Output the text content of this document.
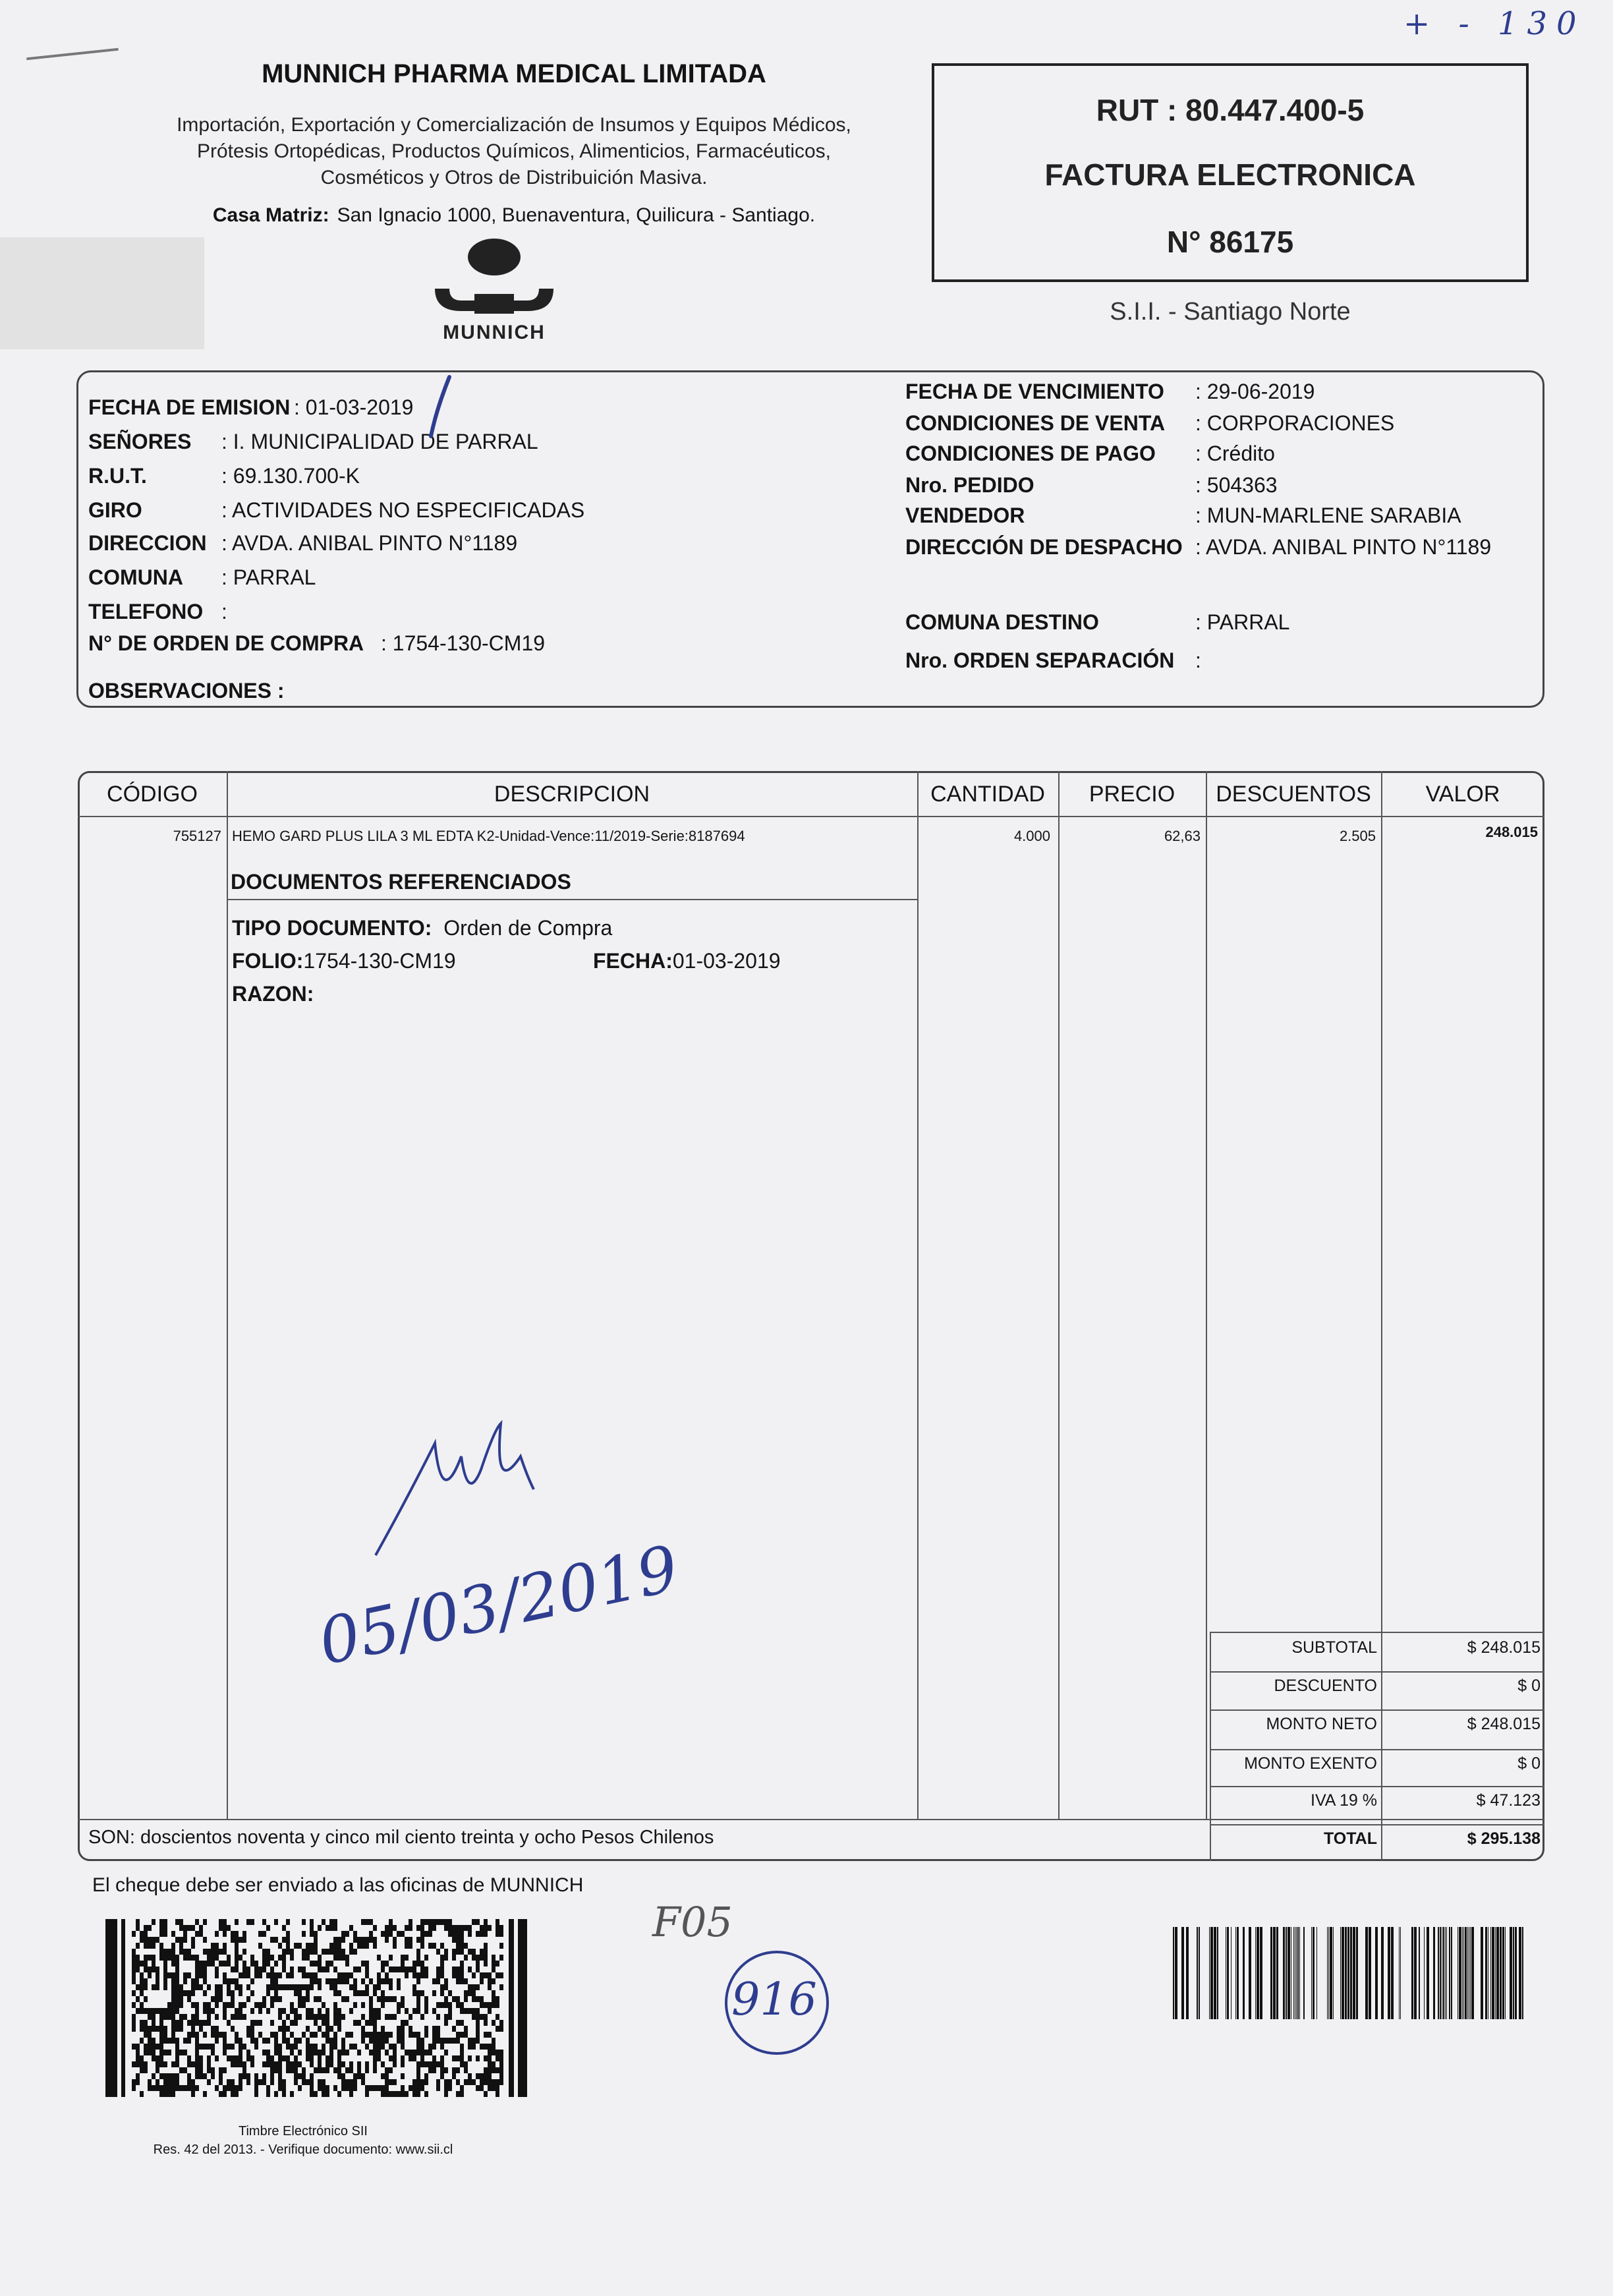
+ - 130
MUNNICH PHARMA MEDICAL LIMITADA
Importación, Exportación y Comercialización de Insumos y Equipos Médicos,
Prótesis Ortopédicas, Productos Químicos, Alimenticios, Farmacéuticos,
Cosméticos y Otros de Distribuición Masiva.
Casa Matriz: San Ignacio 1000, Buenaventura, Quilicura - Santiago.
MUNNICH
RUT : 80.447.400-5
FACTURA ELECTRONICA
N° 86175
S.I.I. - Santiago Norte
FECHA DE EMISION : 01-03-2019
SEÑORES : I. MUNICIPALIDAD DE PARRAL
R.U.T.	: 69.130.700-K
GIRO	: ACTIVIDADES NO ESPECIFICADAS
DIRECCION : AVDA. ANIBAL PINTO N°1189
COMUNA : PARRAL
TELEFONO :
N° DE ORDEN DE COMPRA : 1754-130-CM19
OBSERVACIONES :
FECHA DE VENCIMIENTO : 29-06-2019
CONDICIONES DE VENTA : CORPORACIONES
CONDICIONES DE PAGO : Crédito
Nro. PEDIDO	: 504363
VENDEDOR	: MUN-MARLENE SARABIA
DIRECCIÓN DE DESPACHO : AVDA. ANIBAL PINTO N°1189
COMUNA DESTINO	: PARRAL
Nro. ORDEN SEPARACIÓN :
CÓDIGO	DESCRIPCION	CANTIDAD	PRECIO	DESCUENTOS	VALOR
755127 HEMO GARD PLUS LILA 3 ML EDTA K2-Unidad-Vence:11/2019-Serie:8187694	4.000	62,63	2.505	248.015
DOCUMENTOS REFERENCIADOS
TIPO DOCUMENTO: Orden de Compra
FOLIO:1754-130-CM19	FECHA:01-03-2019
RAZON:
05/03/2019	SUBTOTAL	$ 248.015
DESCUENTO	$ 0
MONTO NETO	$ 248.015
MONTO EXENTO	$ 0
IVA 19 %	$ 47.123
TOTAL	$ 295.138
SON: doscientos noventa y cinco mil ciento treinta y ocho Pesos Chilenos
El cheque debe ser enviado a las oficinas de MUNNICH
F05
916
Timbre Electrónico SII
Res. 42 del 2013. - Verifique documento: www.sii.cl
